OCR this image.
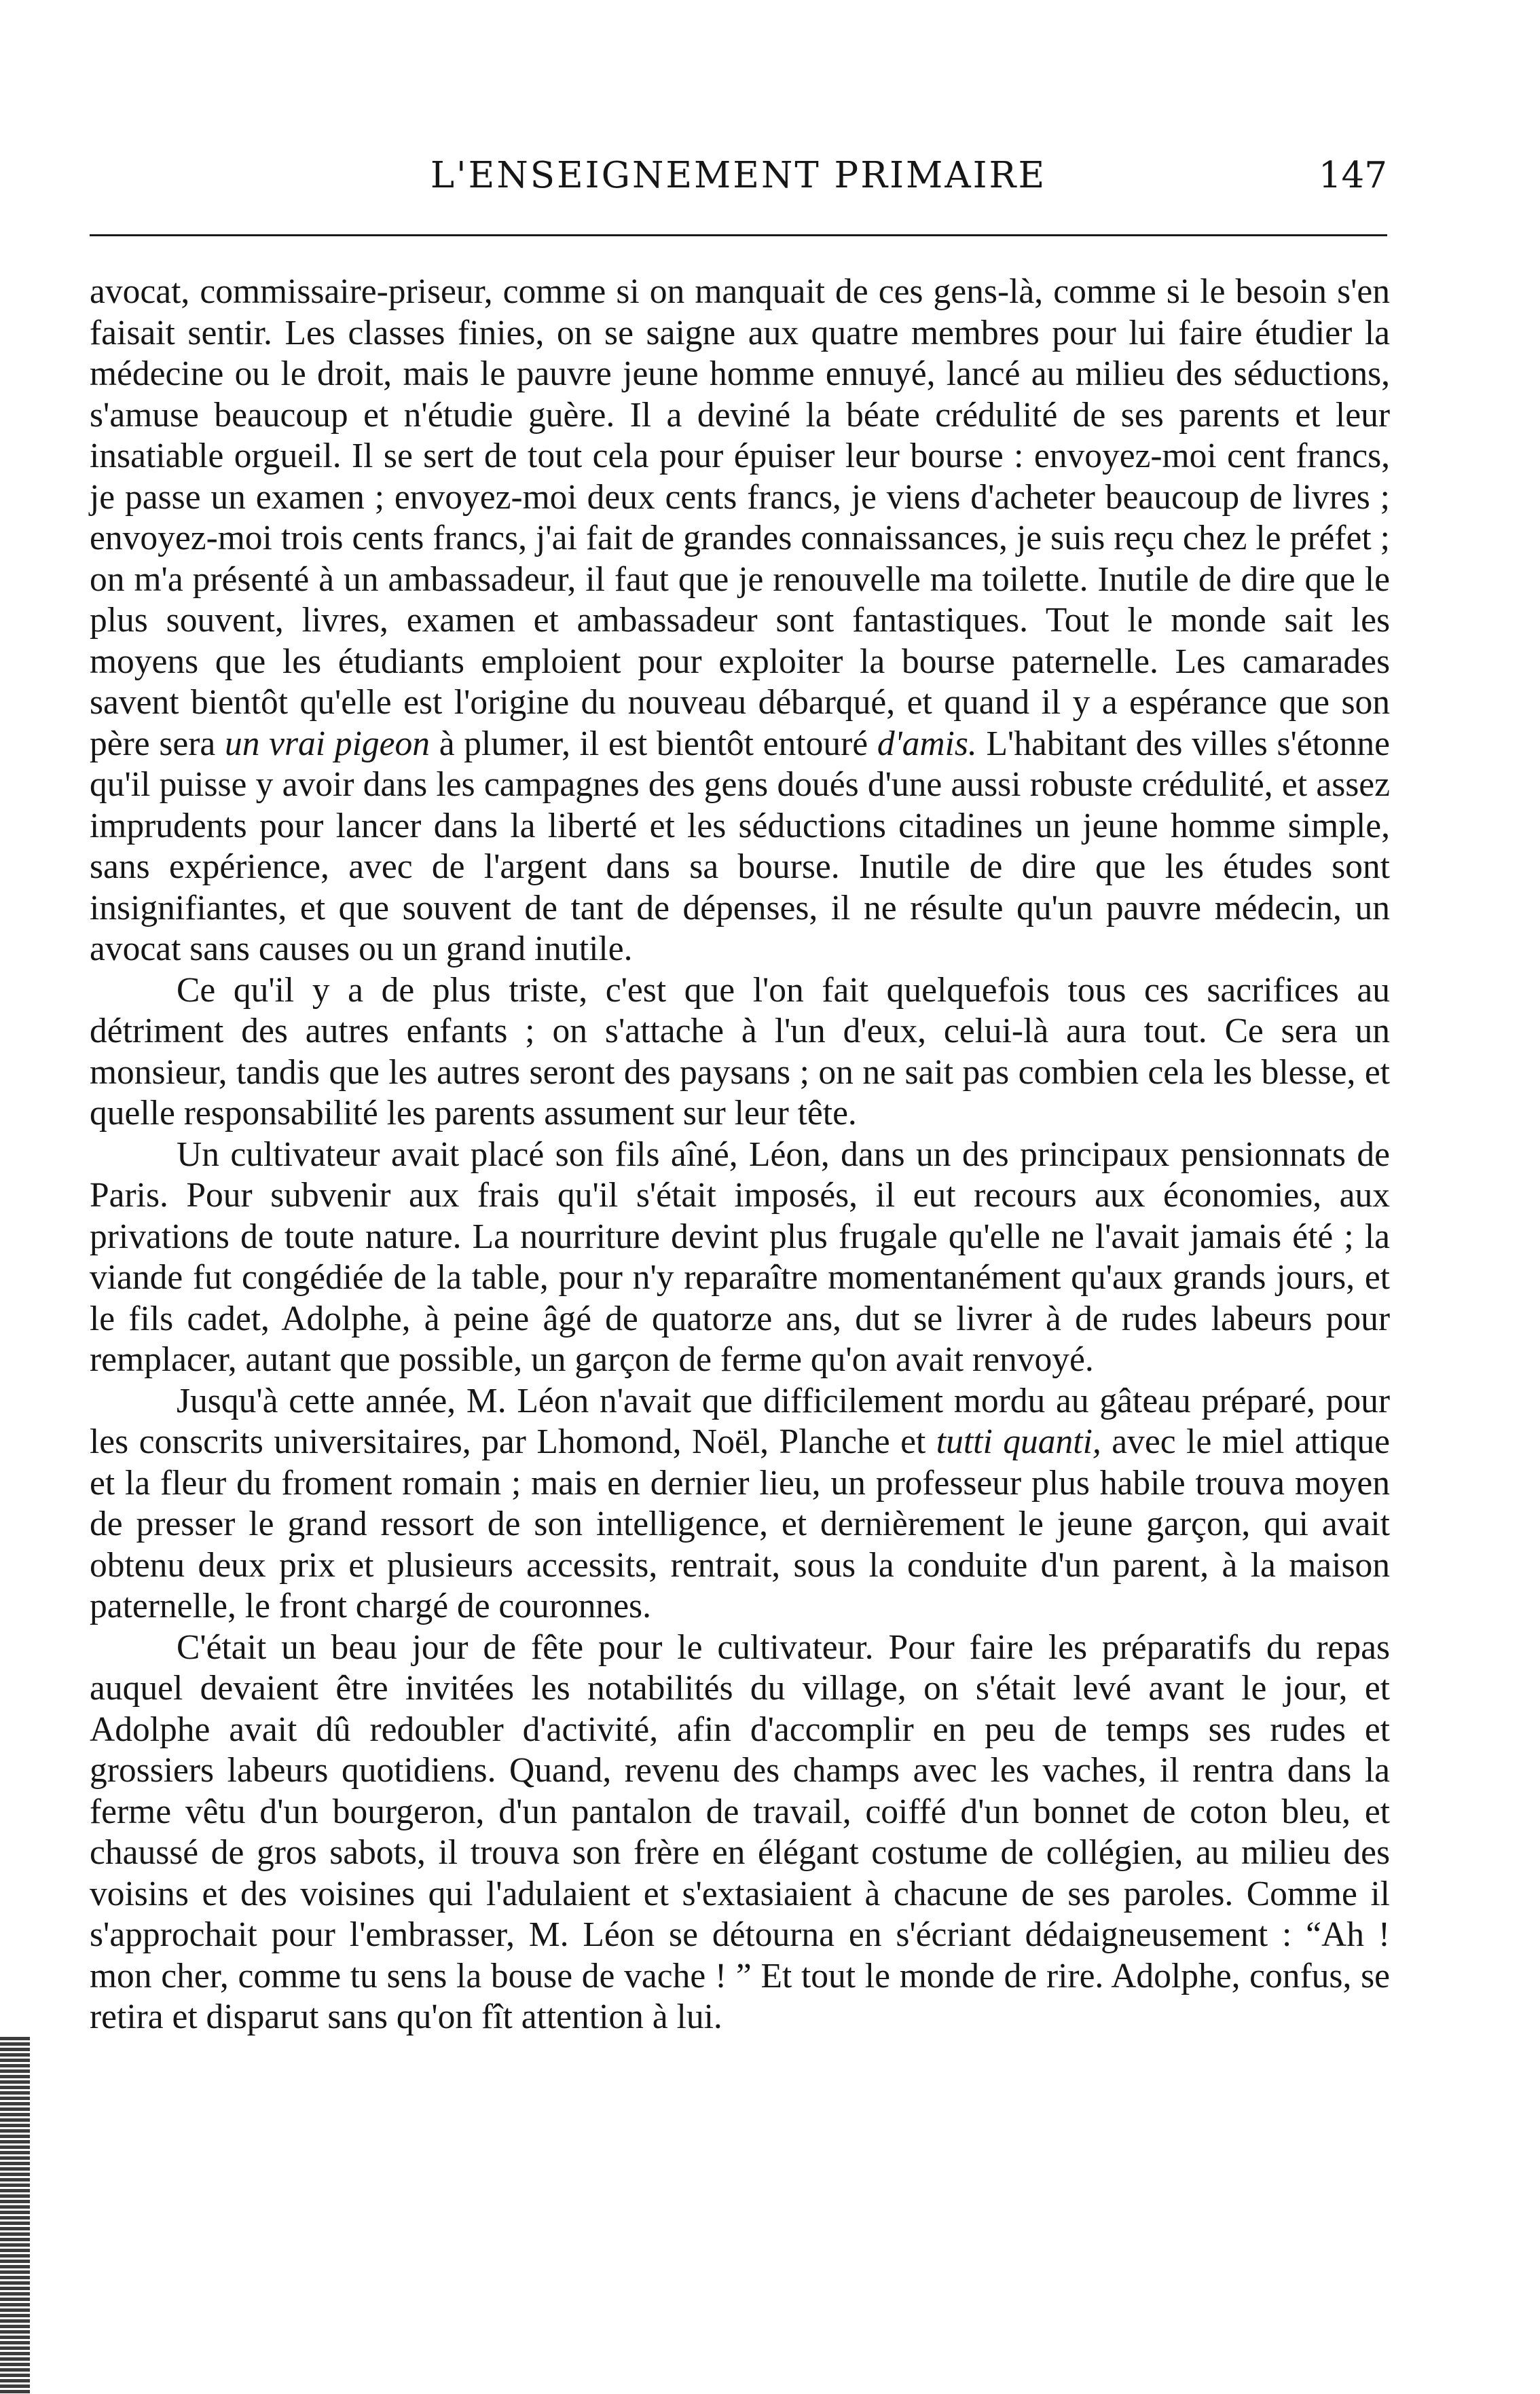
L'ENSEIGNEMENT PRIMAIRE	147

avocat, commissaire-priseur, comme si on manquait de ces gens-là, comme si le besoin s'en faisait sentir. Les classes finies, on se saigne aux quatre membres pour lui faire étudier la médecine ou le droit, mais le pauvre jeune homme ennuyé, lancé au milieu des séductions, s'amuse beaucoup et n'étudie guère. Il a deviné la béate crédulité de ses parents et leur insatiable orgueil. Il se sert de tout cela pour épuiser leur bourse : envoyez-moi cent francs, je passe un examen ; envoyez-moi deux cents francs, je viens d'acheter beaucoup de livres ; envoyez-moi trois cents francs, j'ai fait de grandes connaissances, je suis reçu chez le préfet ; on m'a présenté à un ambassadeur, il faut que je renouvelle ma toilette. Inutile de dire que le plus souvent, livres, examen et ambassadeur sont fantastiques. Tout le monde sait les moyens que les étudiants emploient pour exploiter la bourse paternelle. Les camarades savent bientôt qu'elle est l'origine du nouveau débarqué, et quand il y a espérance que son père sera un vrai pigeon à plumer, il est bientôt entouré d'amis. L'habitant des villes s'étonne qu'il puisse y avoir dans les campagnes des gens doués d'une aussi robuste crédulité, et assez imprudents pour lancer dans la liberté et les séductions citadines un jeune homme simple, sans expérience, avec de l'argent dans sa bourse. Inutile de dire que les études sont insignifiantes, et que souvent de tant de dépenses, il ne résulte qu'un pauvre médecin, un avocat sans causes ou un grand inutile.

Ce qu'il y a de plus triste, c'est que l'on fait quelquefois tous ces sacrifices au détriment des autres enfants ; on s'attache à l'un d'eux, celui-là aura tout. Ce sera un monsieur, tandis que les autres seront des paysans ; on ne sait pas combien cela les blesse, et quelle responsabilité les parents assument sur leur tête.

Un cultivateur avait placé son fils aîné, Léon, dans un des principaux pensionnats de Paris. Pour subvenir aux frais qu'il s'était imposés, il eut recours aux économies, aux privations de toute nature. La nourriture devint plus frugale qu'elle ne l'avait jamais été ; la viande fut congédiée de la table, pour n'y reparaître momentanément qu'aux grands jours, et le fils cadet, Adolphe, à peine âgé de quatorze ans, dut se livrer à de rudes labeurs pour remplacer, autant que possible, un garçon de ferme qu'on avait renvoyé.

Jusqu'à cette année, M. Léon n'avait que difficilement mordu au gâteau préparé, pour les conscrits universitaires, par Lhomond, Noël, Planche et tutti quanti, avec le miel attique et la fleur du froment romain ; mais en dernier lieu, un professeur plus habile trouva moyen de presser le grand ressort de son intelligence, et dernièrement le jeune garçon, qui avait obtenu deux prix et plusieurs accessits, rentrait, sous la conduite d'un parent, à la maison paternelle, le front chargé de couronnes.

C'était un beau jour de fête pour le cultivateur. Pour faire les préparatifs du repas auquel devaient être invitées les notabilités du village, on s'était levé avant le jour, et Adolphe avait dû redoubler d'activité, afin d'accomplir en peu de temps ses rudes et grossiers labeurs quotidiens. Quand, revenu des champs avec les vaches, il rentra dans la ferme vêtu d'un bourgeron, d'un pantalon de travail, coiffé d'un bonnet de coton bleu, et chaussé de gros sabots, il trouva son frère en élégant costume de collégien, au milieu des voisins et des voisines qui l'adulaient et s'extasiaient à chacune de ses paroles. Comme il s'approchait pour l'embrasser, M. Léon se détourna en s'écriant dédaigneusement : “Ah ! mon cher, comme tu sens la bouse de vache ! ” Et tout le monde de rire. Adolphe, confus, se retira et disparut sans qu'on fît attention à lui.
